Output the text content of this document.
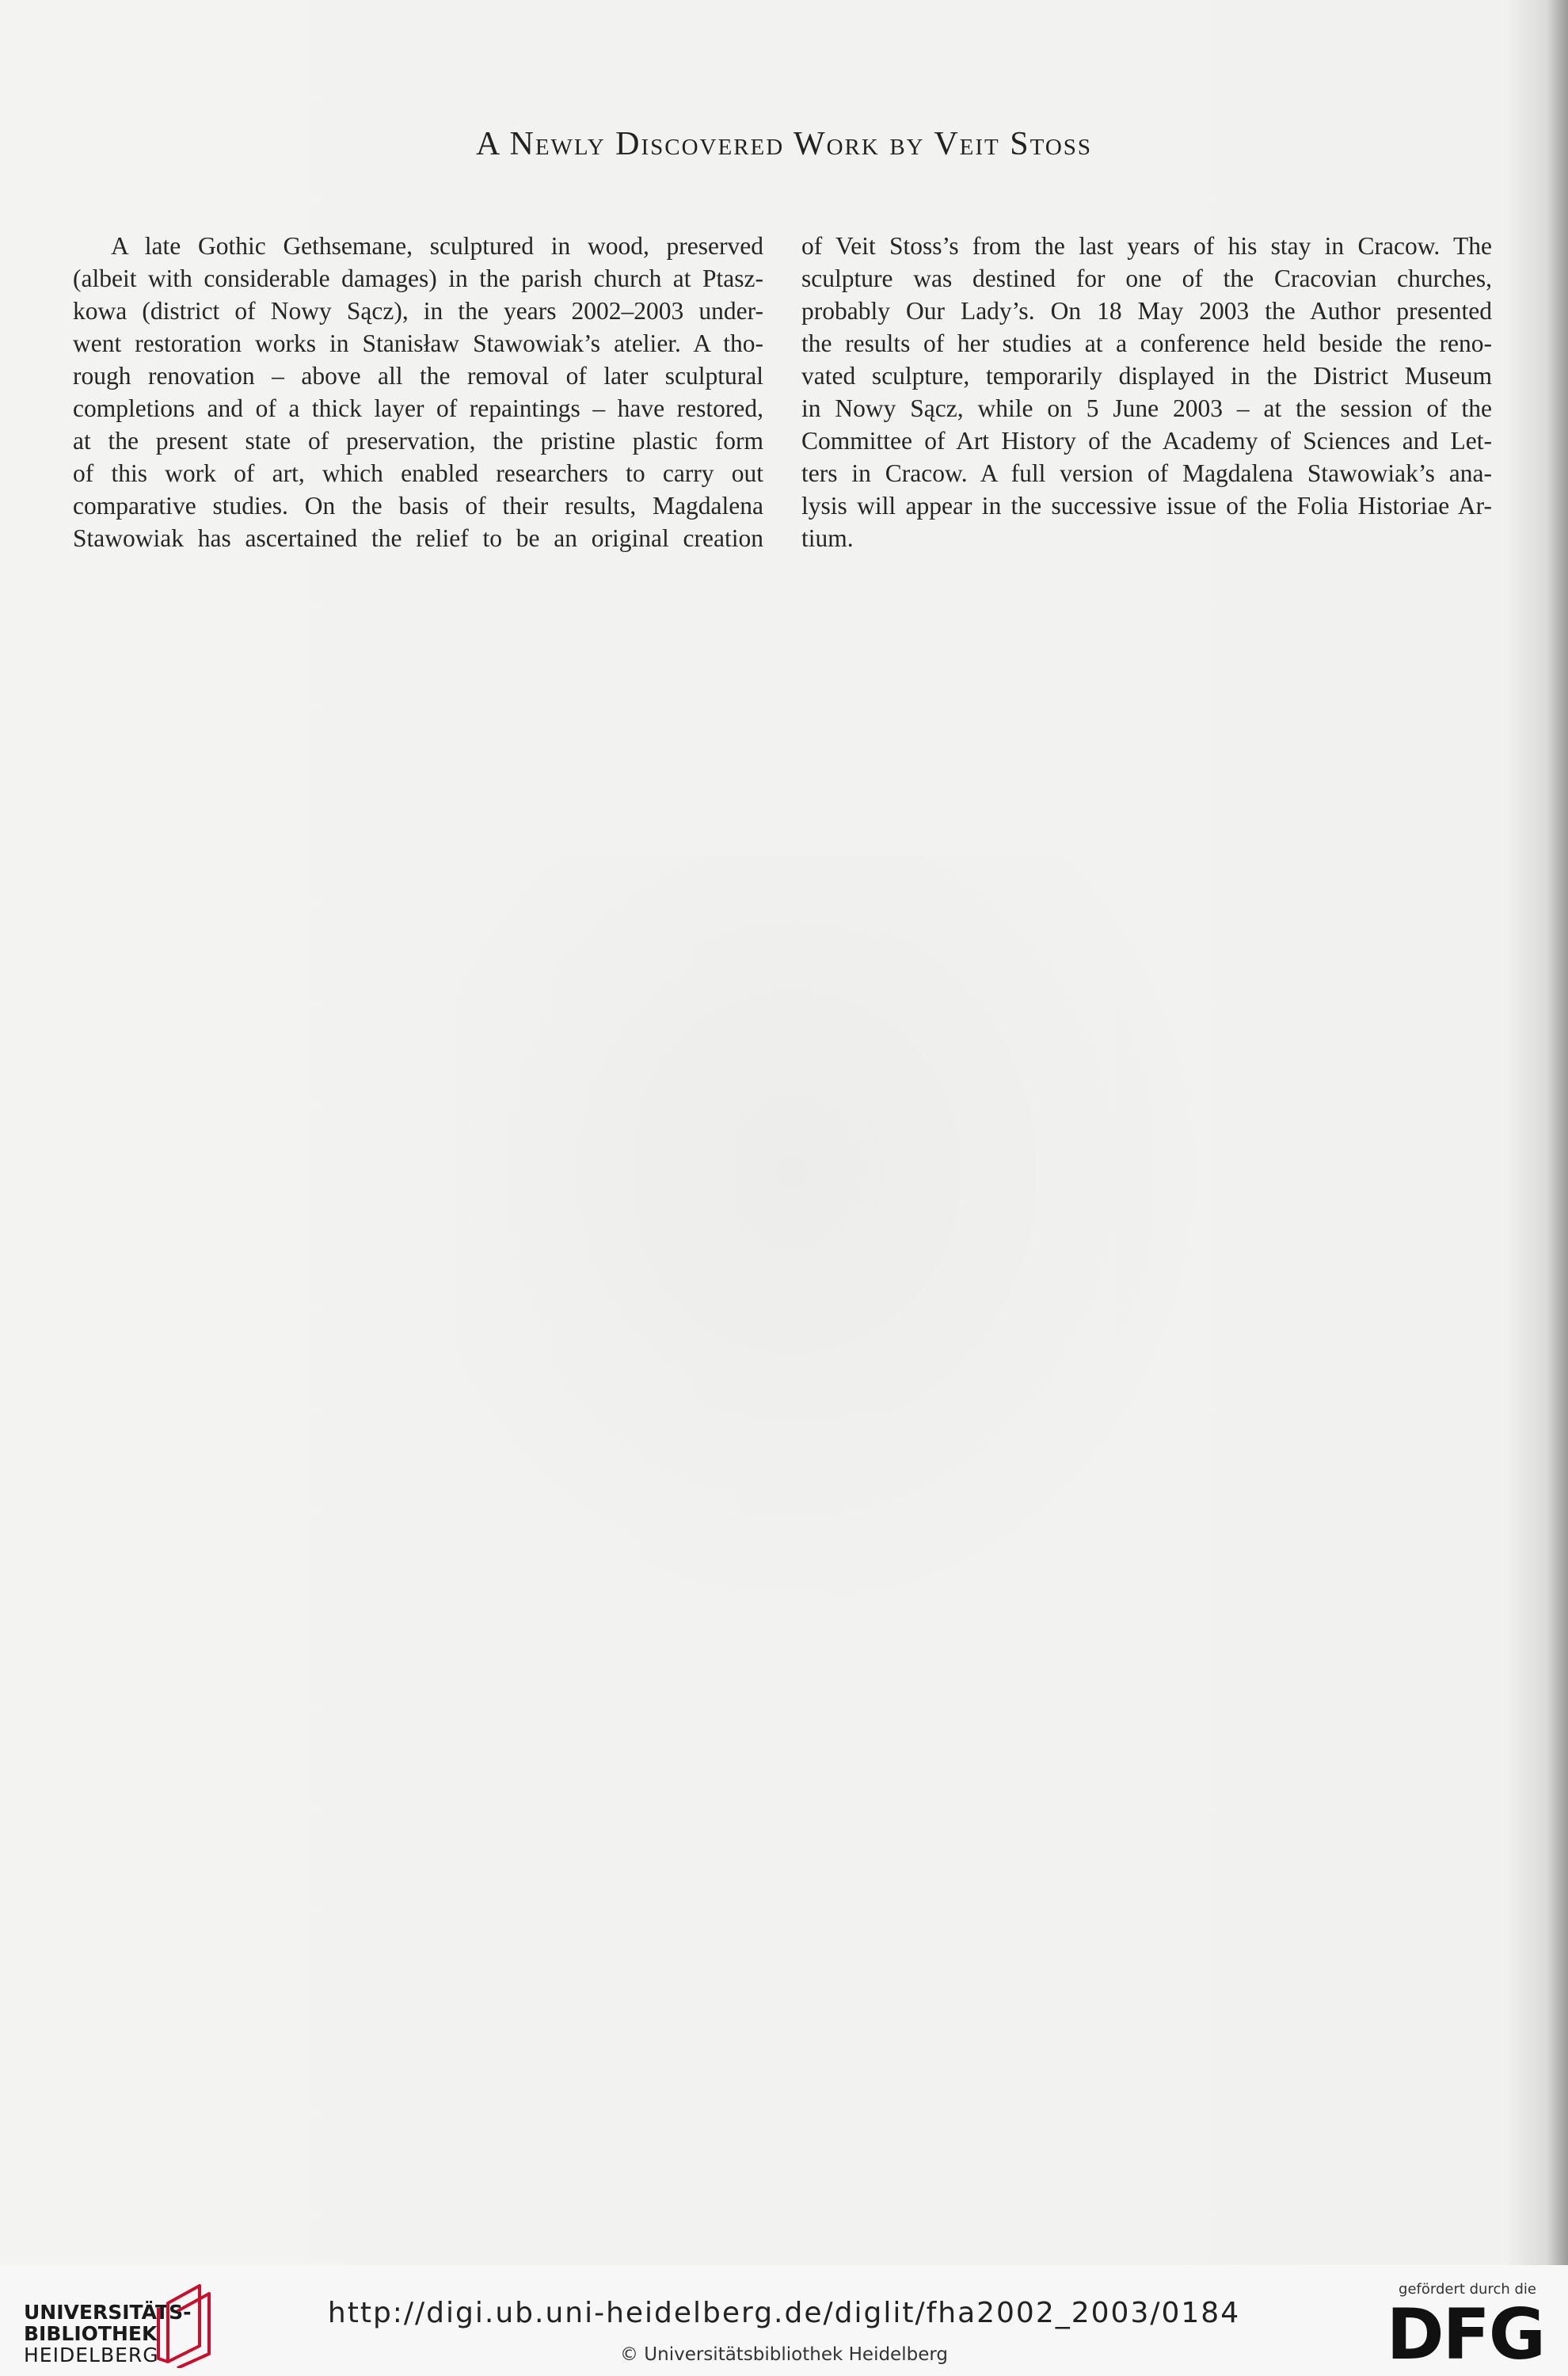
A Newly Discovered Work by Veit Stoss
A late Gothic Gethsemane, sculptured in wood, preserved
(albeit with considerable damages) in the parish church at Ptasz-
kowa (district of Nowy Sącz), in the years 2002–2003 under-
went restoration works in Stanisław Stawowiak’s atelier. A tho-
rough renovation – above all the removal of later sculptural
completions and of a thick layer of repaintings – have restored,
at the present state of preservation, the pristine plastic form
of this work of art, which enabled researchers to carry out
comparative studies. On the basis of their results, Magdalena
Stawowiak has ascertained the relief to be an original creation
of Veit Stoss’s from the last years of his stay in Cracow. The
sculpture was destined for one of the Cracovian churches,
probably Our Lady’s. On 18 May 2003 the Author presented
the results of her studies at a conference held beside the reno-
vated sculpture, temporarily displayed in the District Museum
in Nowy Sącz, while on 5 June 2003 – at the session of the
Committee of Art History of the Academy of Sciences and Let-
ters in Cracow. A full version of Magdalena Stawowiak’s ana-
lysis will appear in the successive issue of the Folia Historiae Ar-
tium.
UNIVERSITÄTS-
BIBLIOTHEK
HEIDELBERG
http://digi.ub.uni-heidelberg.de/diglit/fha2002_2003/0184
© Universitätsbibliothek Heidelberg
gefördert durch die
DFG
